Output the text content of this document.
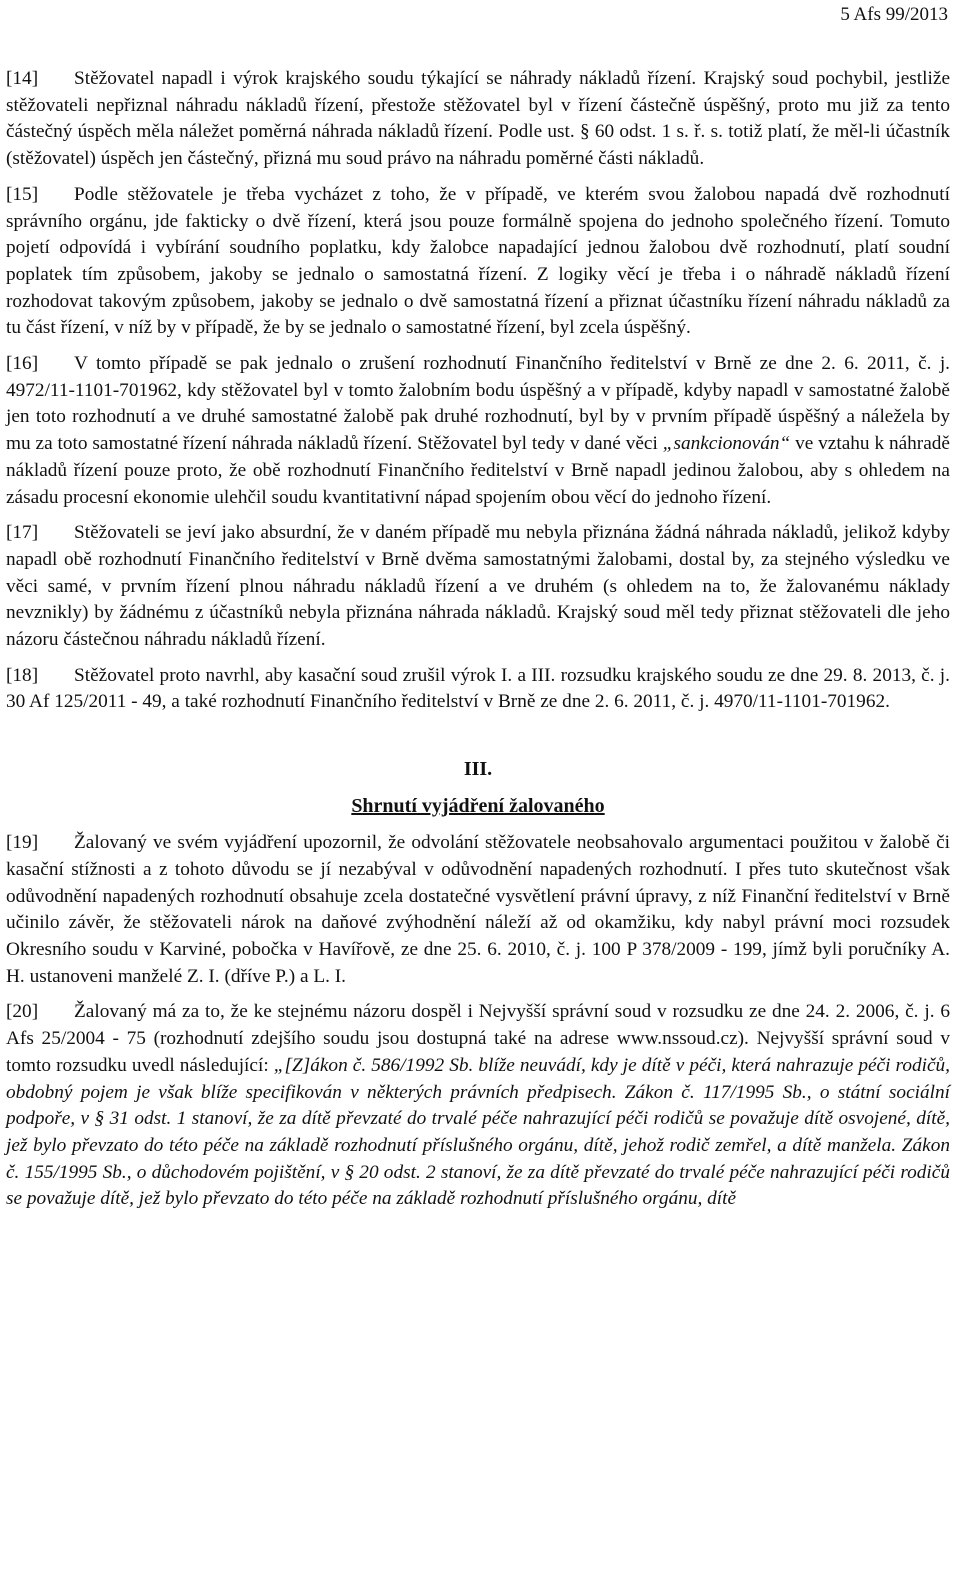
5 Afs 99/2013

[14] Stěžovatel napadl i výrok krajského soudu týkající se náhrady nákladů řízení. Krajský soud pochybil, jestliže stěžovateli nepřiznal náhradu nákladů řízení, přestože stěžovatel byl v řízení částečně úspěšný, proto mu již za tento částečný úspěch měla náležet poměrná náhrada nákladů řízení. Podle ust. § 60 odst. 1 s. ř. s. totiž platí, že měl-li účastník (stěžovatel) úspěch jen částečný, přizná mu soud právo na náhradu poměrné části nákladů.

[15] Podle stěžovatele je třeba vycházet z toho, že v případě, ve kterém svou žalobou napadá dvě rozhodnutí správního orgánu, jde fakticky o dvě řízení, která jsou pouze formálně spojena do jednoho společného řízení. Tomuto pojetí odpovídá i vybírání soudního poplatku, kdy žalobce napadající jednou žalobou dvě rozhodnutí, platí soudní poplatek tím způsobem, jakoby se jednalo o samostatná řízení. Z logiky věcí je třeba i o náhradě nákladů řízení rozhodovat takovým způsobem, jakoby se jednalo o dvě samostatná řízení a přiznat účastníku řízení náhradu nákladů za tu část řízení, v níž by v případě, že by se jednalo o samostatné řízení, byl zcela úspěšný.

[16] V tomto případě se pak jednalo o zrušení rozhodnutí Finančního ředitelství v Brně ze dne 2. 6. 2011, č. j. 4972/11-1101-701962, kdy stěžovatel byl v tomto žalobním bodu úspěšný a v případě, kdyby napadl v samostatné žalobě jen toto rozhodnutí a ve druhé samostatné žalobě pak druhé rozhodnutí, byl by v prvním případě úspěšný a náležela by mu za toto samostatné řízení náhrada nákladů řízení. Stěžovatel byl tedy v dané věci „sankcionován“ ve vztahu k náhradě nákladů řízení pouze proto, že obě rozhodnutí Finančního ředitelství v Brně napadl jedinou žalobou, aby s ohledem na zásadu procesní ekonomie ulehčil soudu kvantitativní nápad spojením obou věcí do jednoho řízení.

[17] Stěžovateli se jeví jako absurdní, že v daném případě mu nebyla přiznána žádná náhrada nákladů, jelikož kdyby napadl obě rozhodnutí Finančního ředitelství v Brně dvěma samostatnými žalobami, dostal by, za stejného výsledku ve věci samé, v prvním řízení plnou náhradu nákladů řízení a ve druhém (s ohledem na to, že žalovanému náklady nevznikly) by žádnému z účastníků nebyla přiznána náhrada nákladů. Krajský soud měl tedy přiznat stěžovateli dle jeho názoru částečnou náhradu nákladů řízení.

[18] Stěžovatel proto navrhl, aby kasační soud zrušil výrok I. a III. rozsudku krajského soudu ze dne 29. 8. 2013, č. j. 30 Af 125/2011 - 49, a také rozhodnutí Finančního ředitelství v Brně ze dne 2. 6. 2011, č. j. 4970/11-1101-701962.

III.
Shrnutí vyjádření žalovaného

[19] Žalovaný ve svém vyjádření upozornil, že odvolání stěžovatele neobsahovalo argumentaci použitou v žalobě či kasační stížnosti a z tohoto důvodu se jí nezabýval v odůvodnění napadených rozhodnutí. I přes tuto skutečnost však odůvodnění napadených rozhodnutí obsahuje zcela dostatečné vysvětlení právní úpravy, z níž Finanční ředitelství v Brně učinilo závěr, že stěžovateli nárok na daňové zvýhodnění náleží až od okamžiku, kdy nabyl právní moci rozsudek Okresního soudu v Karviné, pobočka v Havířově, ze dne 25. 6. 2010, č. j. 100 P 378/2009 - 199, jímž byli poručníky A. H. ustanoveni manželé Z. I. (dříve P.) a L. I.

[20] Žalovaný má za to, že ke stejnému názoru dospěl i Nejvyšší správní soud v rozsudku ze dne 24. 2. 2006, č. j. 6 Afs 25/2004 - 75 (rozhodnutí zdejšího soudu jsou dostupná také na adrese www.nssoud.cz). Nejvyšší správní soud v tomto rozsudku uvedl následující: „[Z]ákon č. 586/1992 Sb. blíže neuvádí, kdy je dítě v péči, která nahrazuje péči rodičů, obdobný pojem je však blíže specifikován v některých právních předpisech. Zákon č. 117/1995 Sb., o státní sociální podpoře, v § 31 odst. 1 stanoví, že za dítě převzaté do trvalé péče nahrazující péči rodičů se považuje dítě osvojené, dítě, jež bylo převzato do této péče na základě rozhodnutí příslušného orgánu, dítě, jehož rodič zemřel, a dítě manžela. Zákon č. 155/1995 Sb., o důchodovém pojištění, v § 20 odst. 2 stanoví, že za dítě převzaté do trvalé péče nahrazující péči rodičů se považuje dítě, jež bylo převzato do této péče na základě rozhodnutí příslušného orgánu, dítě
